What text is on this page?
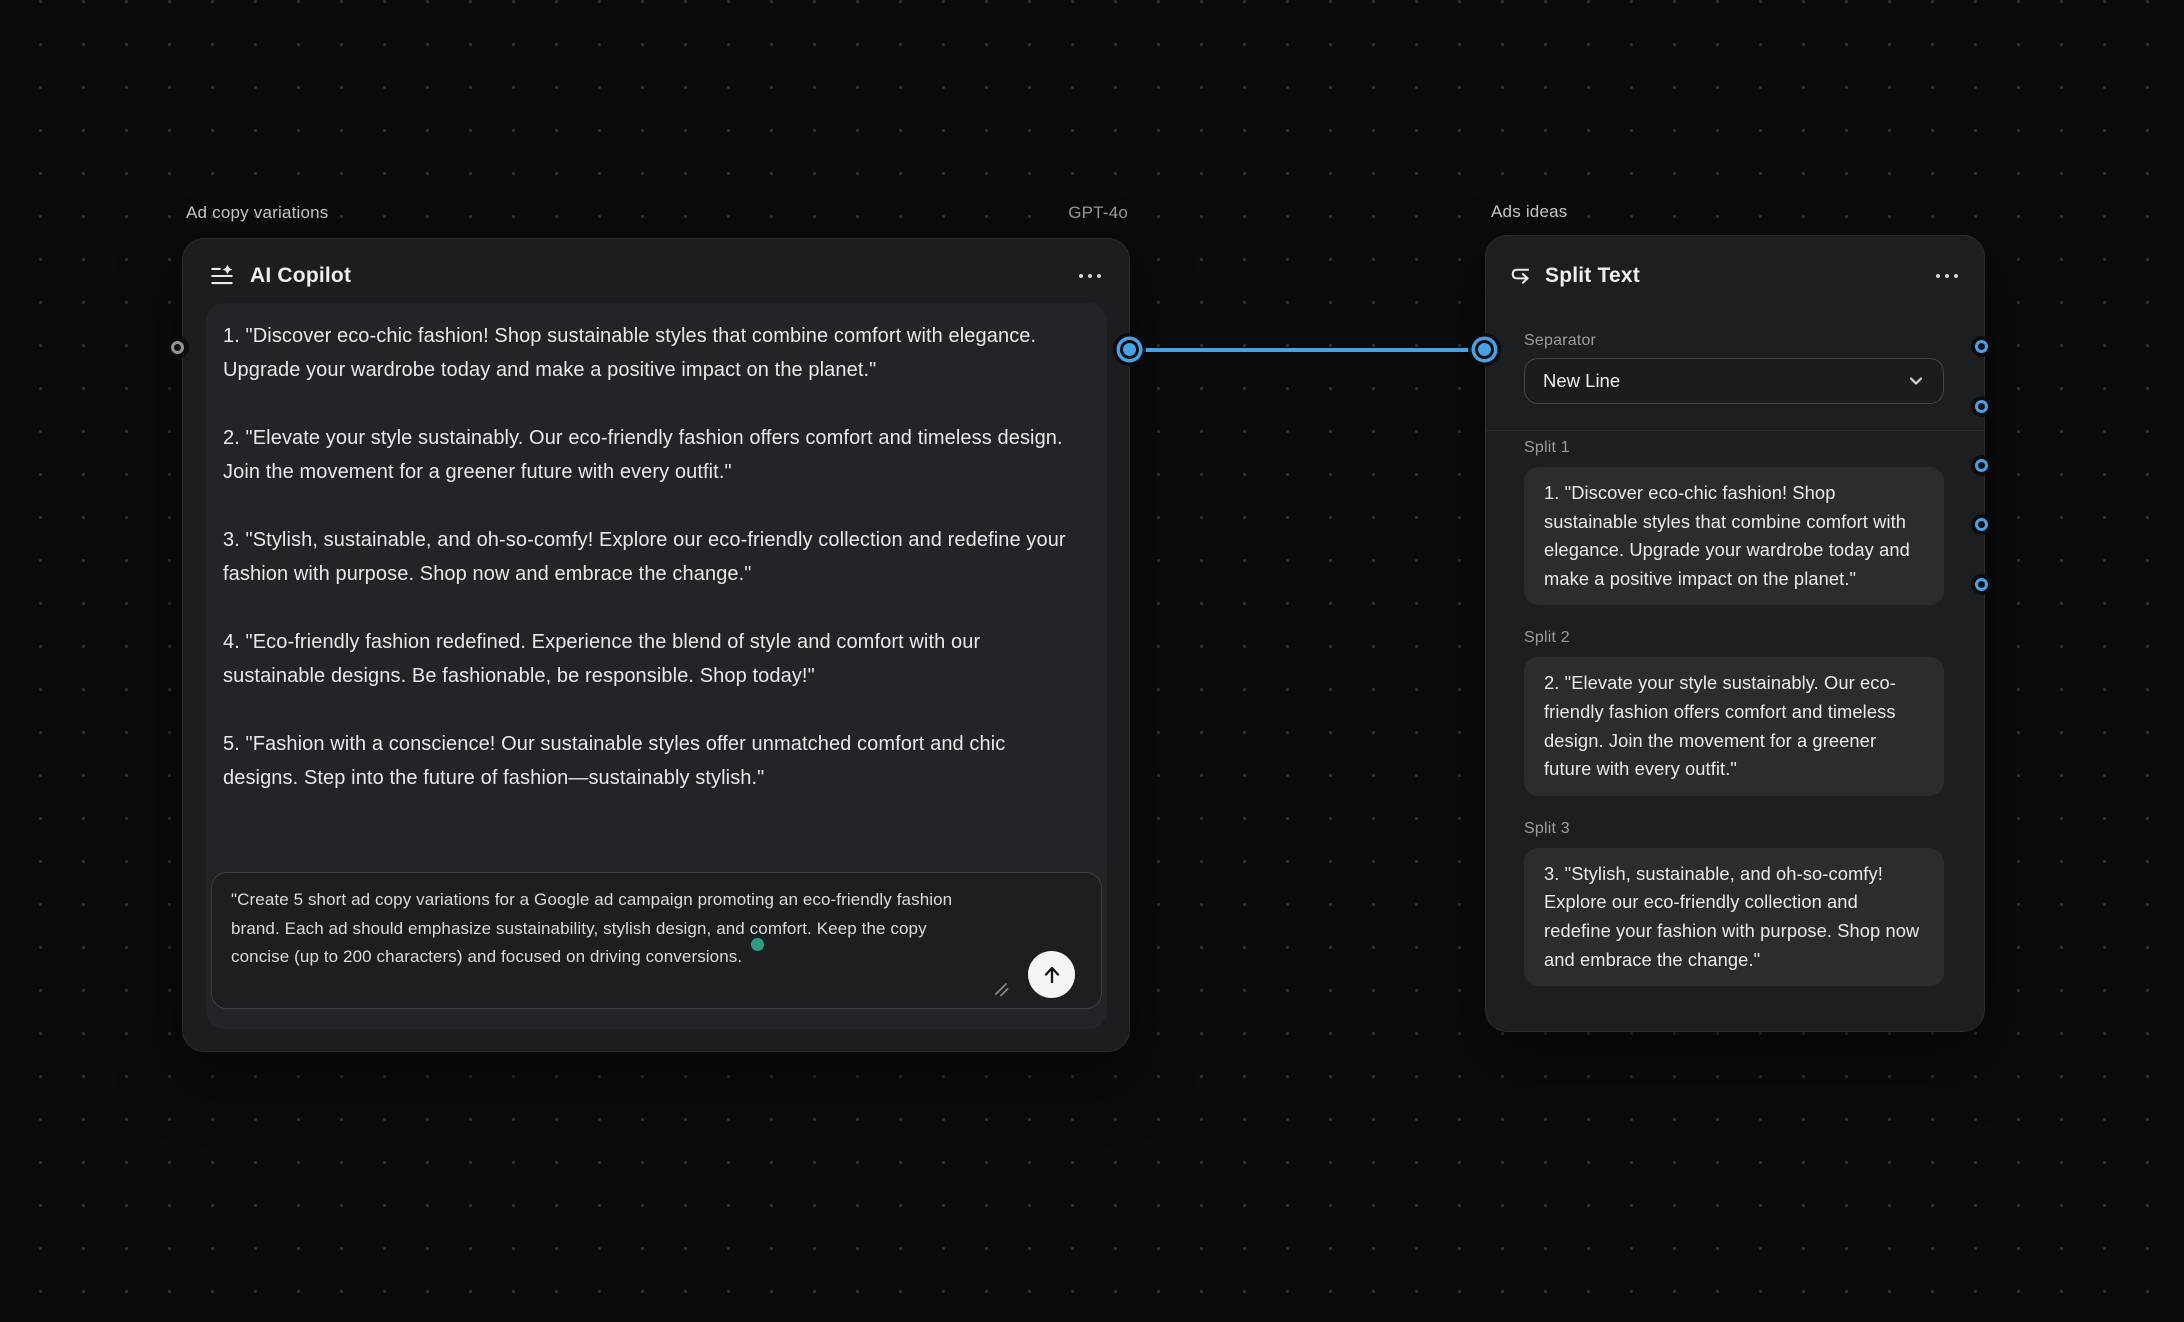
Ad copy variations	GPT-4o	Ads ideas
AI Copilot

1. "Discover eco-chic fashion! Shop sustainable styles that combine comfort with elegance. Upgrade your wardrobe today and make a positive impact on the planet."

2. "Elevate your style sustainably. Our eco-friendly fashion offers comfort and timeless design. Join the movement for a greener future with every outfit."

3. "Stylish, sustainable, and oh-so-comfy! Explore our eco-friendly collection and redefine your fashion with purpose. Shop now and embrace the change."

4. "Eco-friendly fashion redefined. Experience the blend of style and comfort with our sustainable designs. Be fashionable, be responsible. Shop today!"

5. "Fashion with a conscience! Our sustainable styles offer unmatched comfort and chic designs. Step into the future of fashion—sustainably stylish."

"Create 5 short ad copy variations for a Google ad campaign promoting an eco-friendly fashion brand. Each ad should emphasize sustainability, stylish design, and comfort. Keep the copy concise (up to 200 characters) and focused on driving conversions.
Split Text
Separator
New Line
Split 1
1. "Discover eco-chic fashion! Shop sustainable styles that combine comfort with elegance. Upgrade your wardrobe today and make a positive impact on the planet."
Split 2
2. "Elevate your style sustainably. Our eco-friendly fashion offers comfort and timeless design. Join the movement for a greener future with every outfit."
Split 3
3. "Stylish, sustainable, and oh-so-comfy! Explore our eco-friendly collection and redefine your fashion with purpose. Shop now and embrace the change."
